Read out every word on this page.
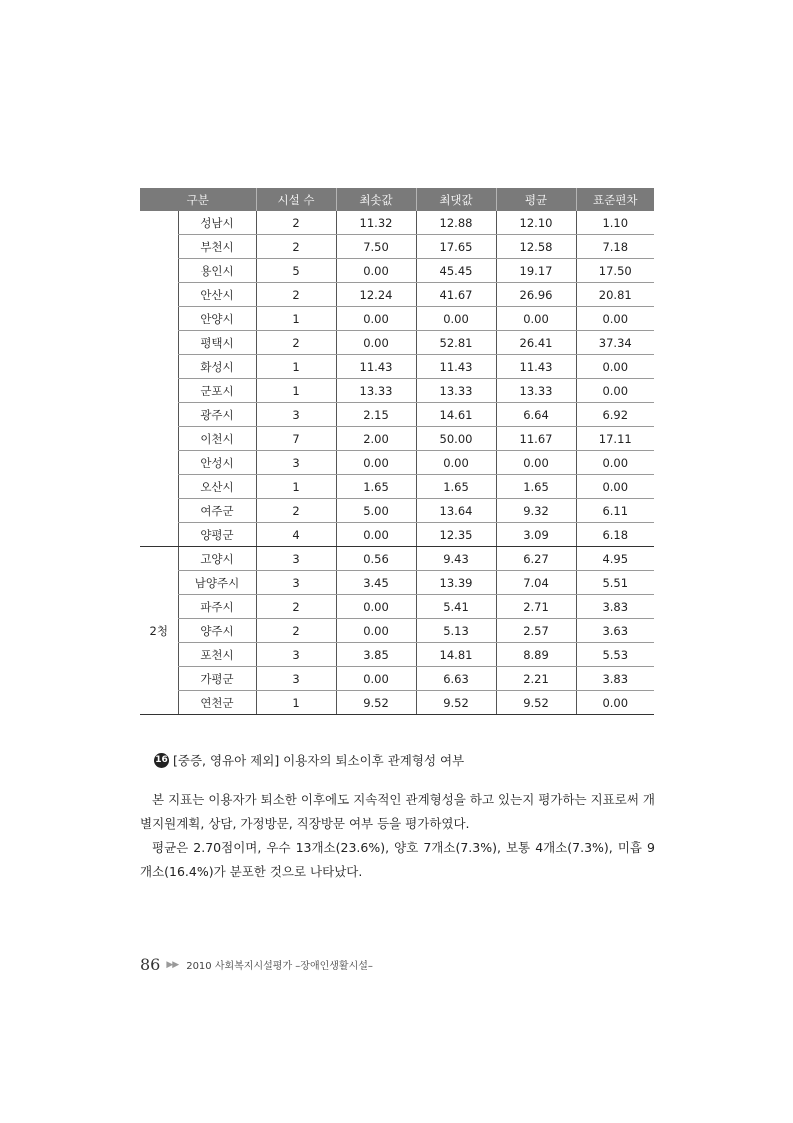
구분		시설 수	최솟값	최댓값	평균	표준편차
	성남시	2	11.32	12.88	12.10	1.10
	부천시	2	7.50	17.65	12.58	7.18
	용인시	5	0.00	45.45	19.17	17.50
	안산시	2	12.24	41.67	26.96	20.81
	안양시	1	0.00	0.00	0.00	0.00
	평택시	2	0.00	52.81	26.41	37.34
	화성시	1	11.43	11.43	11.43	0.00
	군포시	1	13.33	13.33	13.33	0.00
	광주시	3	2.15	14.61	6.64	6.92
	이천시	7	2.00	50.00	11.67	17.11
	안성시	3	0.00	0.00	0.00	0.00
	오산시	1	1.65	1.65	1.65	0.00
	여주군	2	5.00	13.64	9.32	6.11
	양평군	4	0.00	12.35	3.09	6.18
2청	고양시	3	0.56	9.43	6.27	4.95
	남양주시	3	3.45	13.39	7.04	5.51
	파주시	2	0.00	5.41	2.71	3.83
	양주시	2	0.00	5.13	2.57	3.63
	포천시	3	3.85	14.81	8.89	5.53
	가평군	3	0.00	6.63	2.21	3.83
	연천군	1	9.52	9.52	9.52	0.00
16 [중증, 영유아 제외] 이용자의 퇴소이후 관계형성 여부
본 지표는 이용자가 퇴소한 이후에도 지속적인 관계형성을 하고 있는지 평가하는 지표로써 개별지원계획, 상담, 가정방문, 직장방문 여부 등을 평가하였다.
평균은 2.70점이며, 우수 13개소(23.6%), 양호 7개소(7.3%), 보통 4개소(7.3%), 미흡 9개소(16.4%)가 분포한 것으로 나타났다.
86 ▶▶ 2010 사회복지시설평가 –장애인생활시설–
